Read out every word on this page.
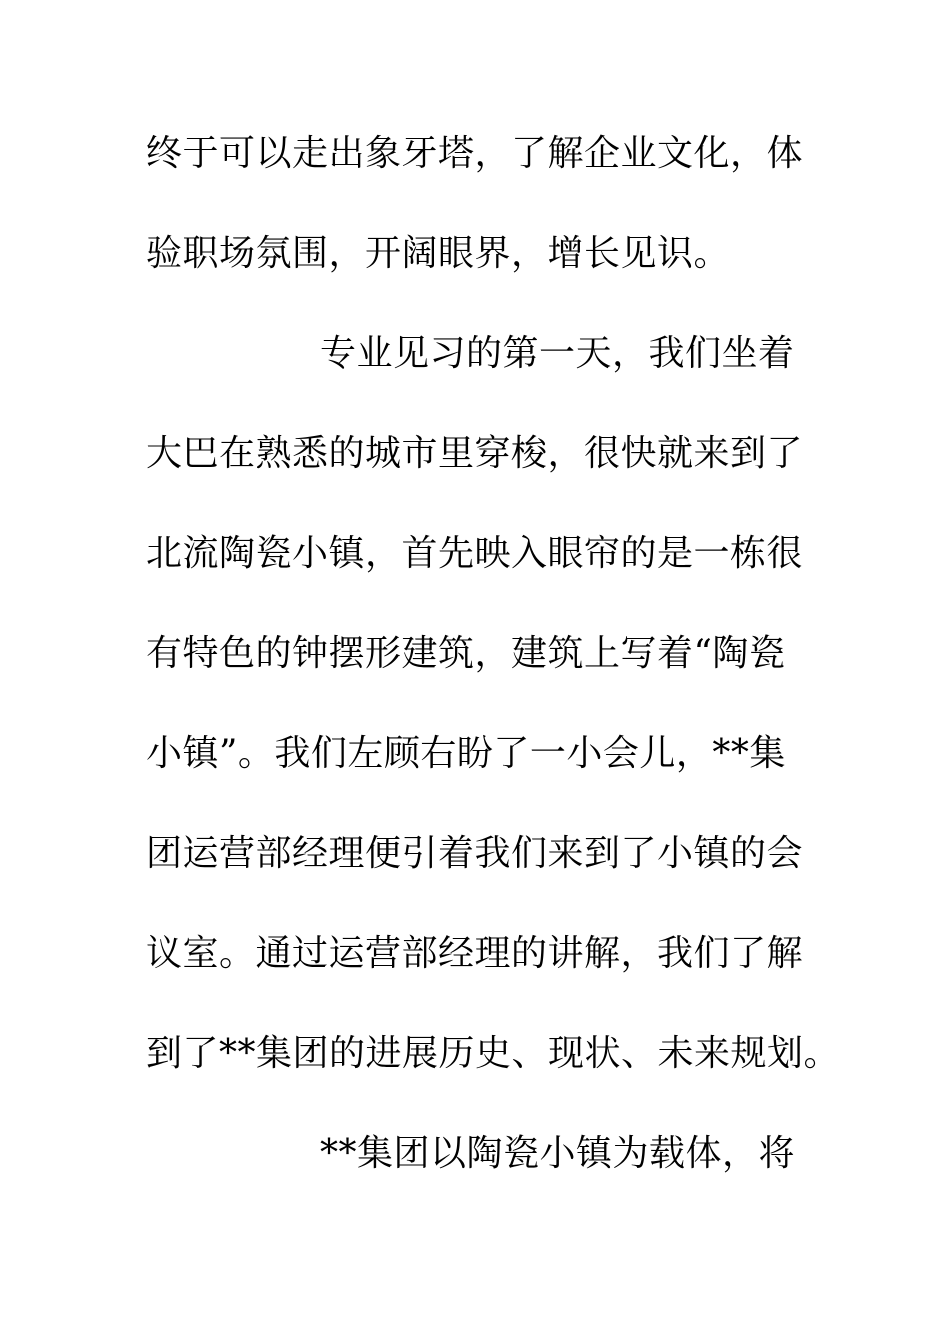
终于可以走出象牙塔，了解企业文化，体
验职场氛围，开阔眼界，增长见识。
专业见习的第一天，我们坐着
大巴在熟悉的城市里穿梭，很快就来到了
北流陶瓷小镇，首先映入眼帘的是一栋很
有特色的钟摆形建筑，建筑上写着“陶瓷
小镇”。我们左顾右盼了一小会儿，**集
团运营部经理便引着我们来到了小镇的会
议室。通过运营部经理的讲解，我们了解
到了**集团的进展历史、现状、未来规划。
**集团以陶瓷小镇为载体，将
